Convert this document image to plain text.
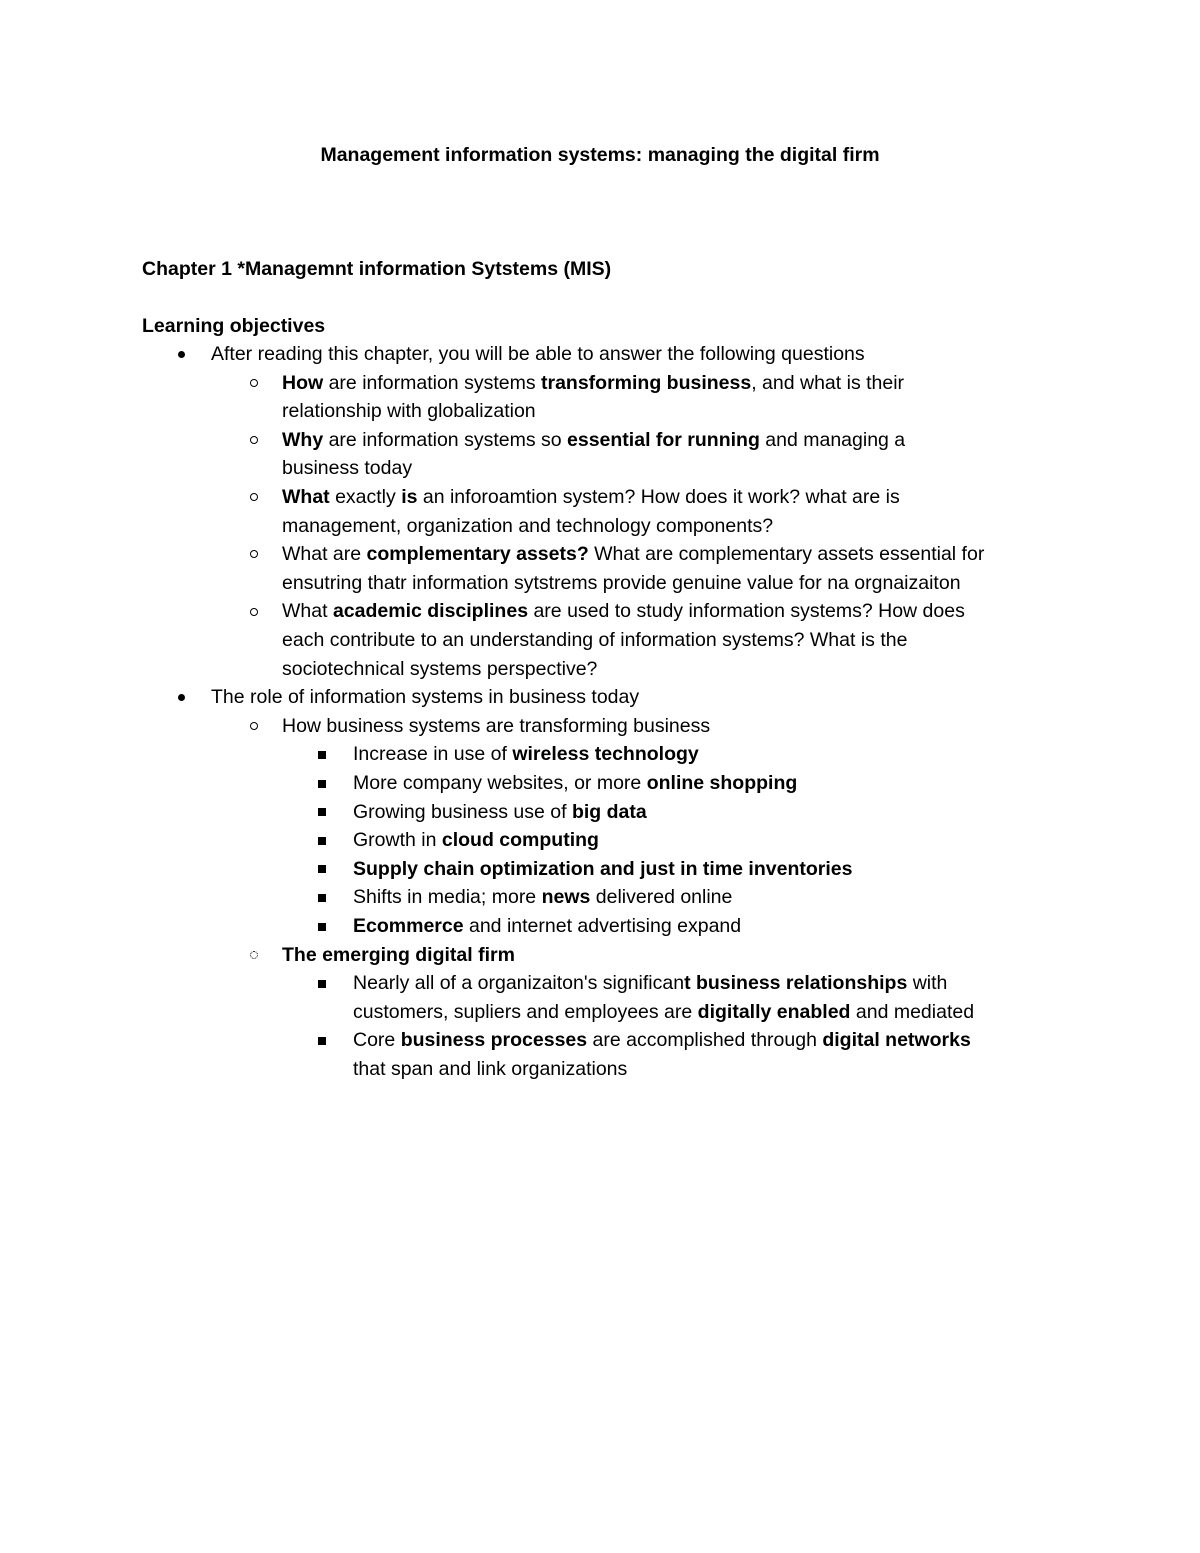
Management information systems: managing the digital firm
Chapter 1 *Managemnt information Sytstems (MIS)
Learning objectives
After reading this chapter, you will be able to answer the following questions
How are information systems transforming business, and what is their
relationship with globalization
Why are information systems so essential for running and managing a
business today
What exactly is an inforoamtion system? How does it work? what are is
management, organization and technology components?
What are complementary assets? What are complementary assets essential for
ensutring thatr information sytstrems provide genuine value for na orgnaizaiton
What academic disciplines are used to study information systems? How does
each contribute to an understanding of information systems? What is the
sociotechnical systems perspective?
The role of information systems in business today
How business systems are transforming business
Increase in use of wireless technology
More company websites, or more online shopping
Growing business use of big data
Growth in cloud computing
Supply chain optimization and just in time inventories
Shifts in media; more news delivered online
Ecommerce and internet advertising expand
The emerging digital firm
Nearly all of a organizaiton's significant business relationships with
customers, supliers and employees are digitally enabled and mediated
Core business processes are accomplished through digital networks
that span and link organizations
